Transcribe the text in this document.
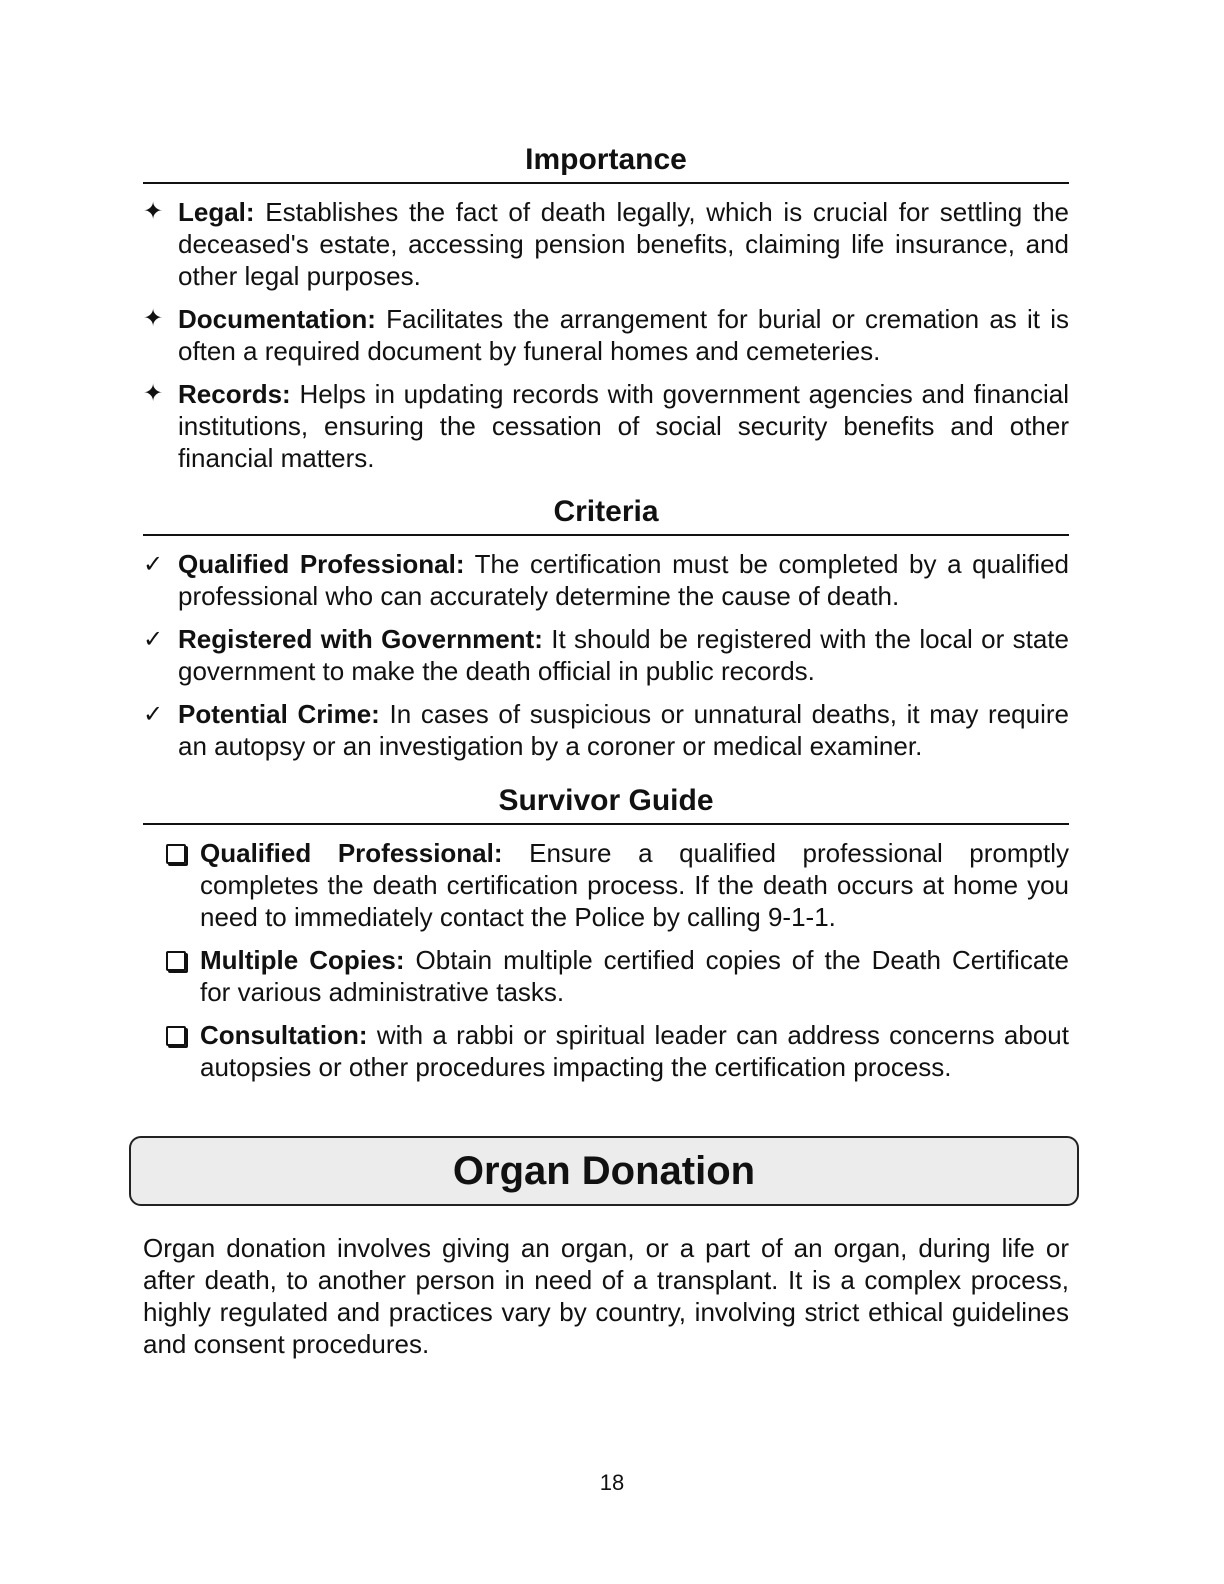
Importance
✦ Legal: Establishes the fact of death legally, which is crucial for settling the deceased's estate, accessing pension benefits, claiming life insurance, and other legal purposes.
✦ Documentation: Facilitates the arrangement for burial or cremation as it is often a required document by funeral homes and cemeteries.
✦ Records: Helps in updating records with government agencies and financial institutions, ensuring the cessation of social security benefits and other financial matters.
Criteria
✓ Qualified Professional: The certification must be completed by a qualified professional who can accurately determine the cause of death.
✓ Registered with Government: It should be registered with the local or state government to make the death official in public records.
✓ Potential Crime: In cases of suspicious or unnatural deaths, it may require an autopsy or an investigation by a coroner or medical examiner.
Survivor Guide
Qualified Professional: Ensure a qualified professional promptly completes the death certification process. If the death occurs at home you need to immediately contact the Police by calling 9-1-1.
Multiple Copies: Obtain multiple certified copies of the Death Certificate for various administrative tasks.
Consultation: with a rabbi or spiritual leader can address concerns about autopsies or other procedures impacting the certification process.
Organ Donation

Organ donation involves giving an organ, or a part of an organ, during life or after death, to another person in need of a transplant. It is a complex process, highly regulated and practices vary by country, involving strict ethical guidelines and consent procedures.

18
